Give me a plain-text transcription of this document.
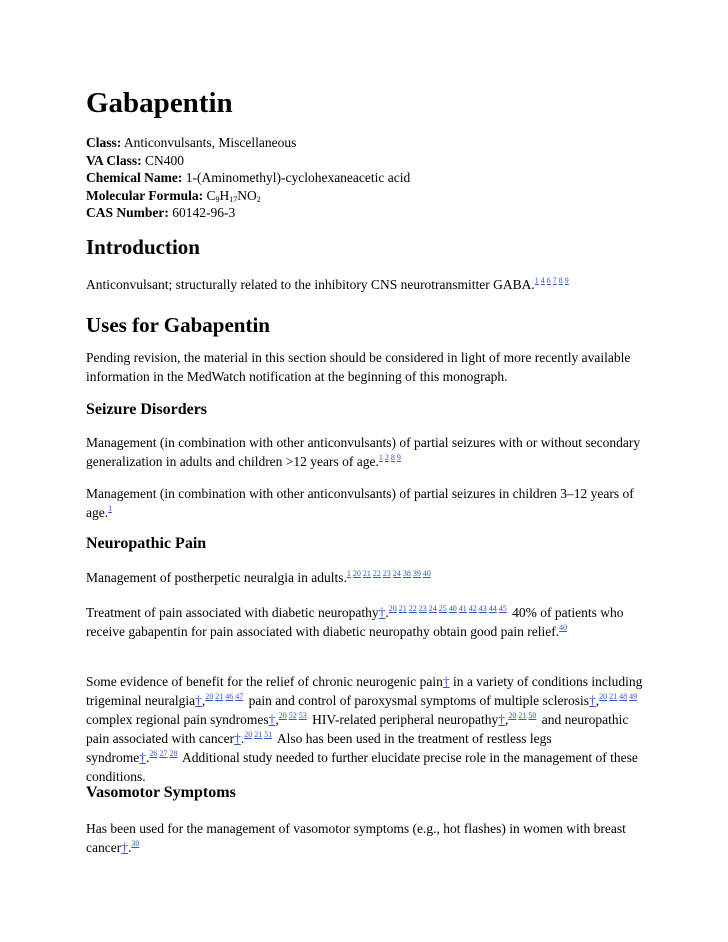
Gabapentin
Class: Anticonvulsants, Miscellaneous
VA Class: CN400
Chemical Name: 1-(Aminomethyl)-cyclohexaneacetic acid
Molecular Formula: $C_9H_{17}NO_2$
CAS Number: 60142-96-3
Introduction

Anticonvulsant; structurally related to the inhibitory CNS neurotransmitter GABA.$^{1 4 6 7 8 9}$

Uses for Gabapentin

Pending revision, the material in this section should be considered in light of more recently available information in the MedWatch notification at the beginning of this monograph.

Seizure Disorders

Management (in combination with other anticonvulsants) of partial seizures with or without secondary generalization in adults and children >12 years of age.$^{1 2 8 9}$

Management (in combination with other anticonvulsants) of partial seizures in children 3–12 years of age.$^1$

Neuropathic Pain

Management of postherpetic neuralgia in adults.$^{1 20 21 22 23 24 38 39 40}$

Treatment of pain associated with diabetic neuropathy†.$^{20 21 22 23 24 25 40 41 42 43 44 45}$ 40% of patients who receive gabapentin for pain associated with diabetic neuropathy obtain good pain relief.$^{40}$

Some evidence of benefit for the relief of chronic neurogenic pain† in a variety of conditions including trigeminal neuralgia†,$^{20 21 46 47}$ pain and control of paroxysmal symptoms of multiple sclerosis†,$^{20 21 48 49}$ complex regional pain syndromes†,$^{20 52 53}$ HIV-related peripheral neuropathy†,$^{20 21 50}$ and neuropathic pain associated with cancer†.$^{20 21 51}$ Also has been used in the treatment of restless legs syndrome†.$^{26 27 28}$ Additional study needed to further elucidate precise role in the management of these conditions.

Vasomotor Symptoms

Has been used for the management of vasomotor symptoms (e.g., hot flashes) in women with breast cancer†.$^{30}$
